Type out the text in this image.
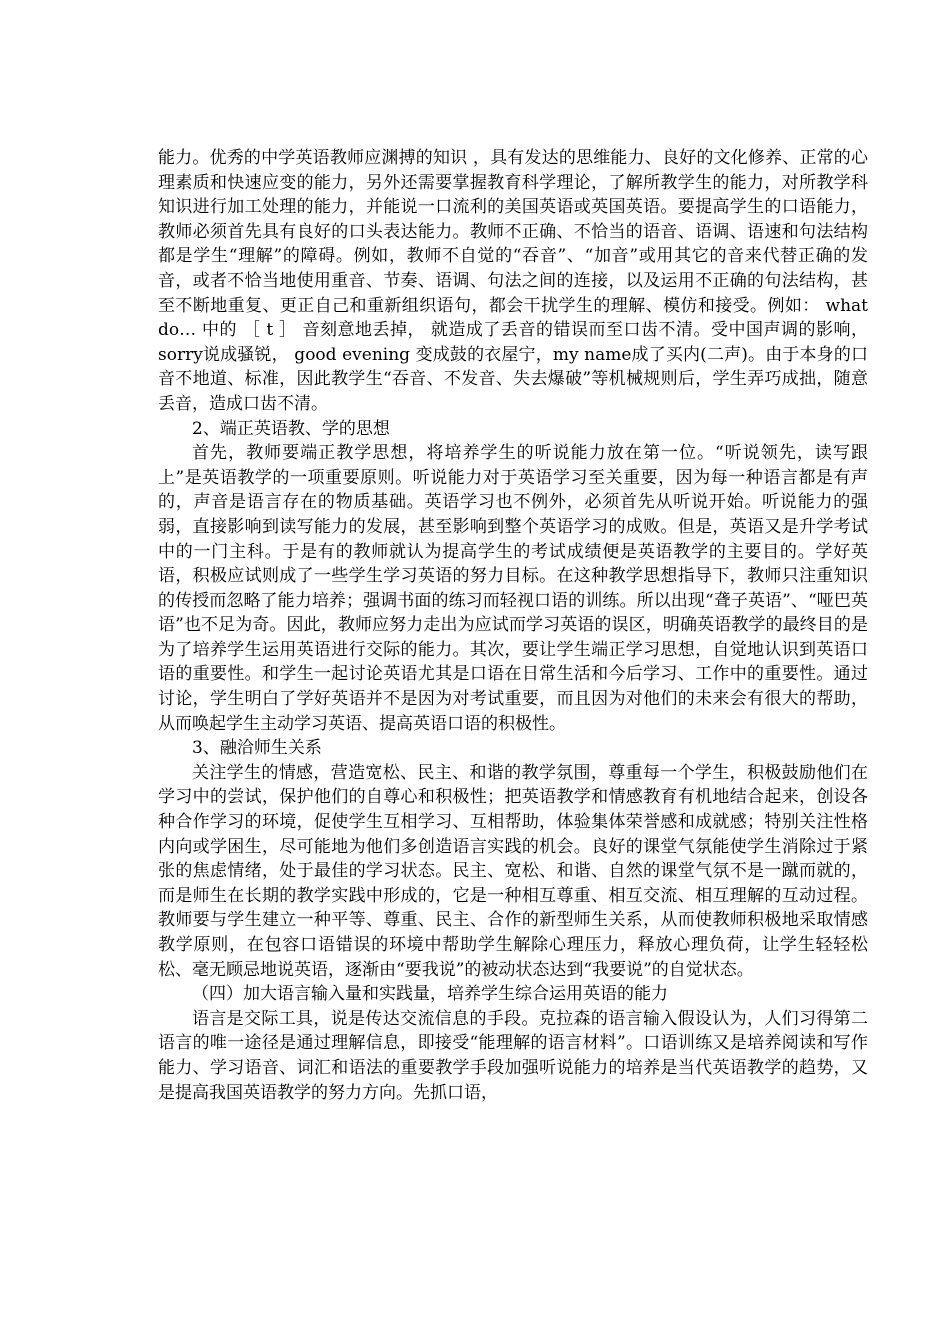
能力。优秀的中学英语教师应渊搏的知识 ，具有发达的思维能力、良好的文化修养、正常的心理素质和快速应变的能力，另外还需要掌握教育科学理论，了解所教学生的能力，对所教学科知识进行加工处理的能力，并能说一口流利的美国英语或英国英语。要提高学生的口语能力，教师必须首先具有良好的口头表达能力。教师不正确、不恰当的语音、语调、语速和句法结构都是学生“理解”的障碍。例如，教师不自觉的“吞音”、“加音”或用其它的音来代替正确的发音，或者不恰当地使用重音、节奏、语调、句法之间的连接，以及运用不正确的句法结构，甚至不断地重复、更正自己和重新组织语句，都会干扰学生的理解、模仿和接受。例如： what do… 中的 ［ t ］ 音刻意地丢掉， 就造成了丢音的错误而至口齿不清。受中国声调的影响，sorry说成骚锐， good evening 变成鼓的衣屋宁，my name成了买内(二声)。由于本身的口音不地道、标准，因此教学生“吞音、不发音、失去爆破”等机械规则后，学生弄巧成拙，随意丢音，造成口齿不清。

2、端正英语教、学的思想

首先，教师要端正教学思想，将培养学生的听说能力放在第一位。“听说领先，读写跟上”是英语教学的一项重要原则。听说能力对于英语学习至关重要，因为每一种语言都是有声的，声音是语言存在的物质基础。英语学习也不例外，必须首先从听说开始。听说能力的强弱，直接影响到读写能力的发展，甚至影响到整个英语学习的成败。但是，英语又是升学考试中的一门主科。于是有的教师就认为提高学生的考试成绩便是英语教学的主要目的。学好英语，积极应试则成了一些学生学习英语的努力目标。在这种教学思想指导下，教师只注重知识的传授而忽略了能力培养；强调书面的练习而轻视口语的训练。所以出现“聋子英语”、“哑巴英语”也不足为奇。因此，教师应努力走出为应试而学习英语的误区，明确英语教学的最终目的是为了培养学生运用英语进行交际的能力。其次，要让学生端正学习思想，自觉地认识到英语口语的重要性。和学生一起讨论英语尤其是口语在日常生活和今后学习、工作中的重要性。通过讨论，学生明白了学好英语并不是因为对考试重要，而且因为对他们的未来会有很大的帮助，从而唤起学生主动学习英语、提高英语口语的积极性。

3、融洽师生关系

关注学生的情感，营造宽松、民主、和谐的教学氛围，尊重每一个学生，积极鼓励他们在学习中的尝试，保护他们的自尊心和积极性；把英语教学和情感教育有机地结合起来，创设各种合作学习的环境，促使学生互相学习、互相帮助，体验集体荣誉感和成就感；特别关注性格内向或学困生，尽可能地为他们多创造语言实践的机会。良好的课堂气氛能使学生消除过于紧张的焦虑情绪，处于最佳的学习状态。民主、宽松、和谐、自然的课堂气氛不是一蹴而就的，而是师生在长期的教学实践中形成的，它是一种相互尊重、相互交流、相互理解的互动过程。教师要与学生建立一种平等、尊重、民主、合作的新型师生关系，从而使教师积极地采取情感教学原则，在包容口语错误的环境中帮助学生解除心理压力，释放心理负荷，让学生轻轻松松、毫无顾忌地说英语，逐渐由“要我说”的被动状态达到“我要说”的自觉状态。

（四）加大语言输入量和实践量，培养学生综合运用英语的能力

语言是交际工具，说是传达交流信息的手段。克拉森的语言输入假设认为，人们习得第二语言的唯一途径是通过理解信息，即接受“能理解的语言材料”。口语训练又是培养阅读和写作能力、学习语音、词汇和语法的重要教学手段加强听说能力的培养是当代英语教学的趋势，又是提高我国英语教学的努力方向。先抓口语，
